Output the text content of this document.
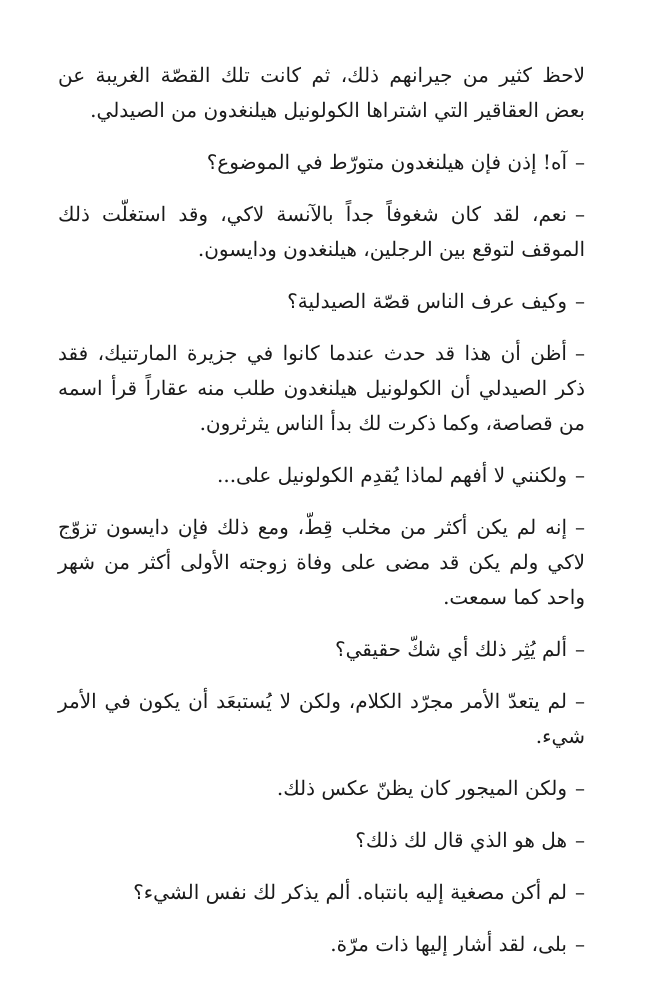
لاحظ كثير من جيرانهم ذلك، ثم كانت تلك القصّة الغريبة عن بعض العقاقير التي اشتراها الكولونيل هيلنغدون من الصيدلي.

–آه! إذن فإن هيلنغدون متورّط في الموضوع؟

–نعم، لقد كان شغوفاً جداً بالآنسة لاكي، وقد استغلّت ذلك الموقف لتوقع بين الرجلين، هيلنغدون ودايسون.

–وكيف عرف الناس قصّة الصيدلية؟

–أظن أن هذا قد حدث عندما كانوا في جزيرة المارتنيك، فقد ذكر الصيدلي أن الكولونيل هيلنغدون طلب منه عقاراً قرأ اسمه من قصاصة، وكما ذكرت لك بدأ الناس يثرثرون.

–ولكنني لا أفهم لماذا يُقدِم الكولونيل على...

–إنه لم يكن أكثر من مخلب قِطّ، ومع ذلك فإن دايسون تزوّج لاكي ولم يكن قد مضى على وفاة زوجته الأولى أكثر من شهر واحد كما سمعت.

–ألم يُثِر ذلك أي شكّ حقيقي؟

–لم يتعدّ الأمر مجرّد الكلام، ولكن لا يُستبعَد أن يكون في الأمر شيء.

–ولكن الميجور كان يظنّ عكس ذلك.

–هل هو الذي قال لك ذلك؟

–لم أكن مصغية إليه بانتباه. ألم يذكر لك نفس الشيء؟

–بلى، لقد أشار إليها ذات مرّة.
